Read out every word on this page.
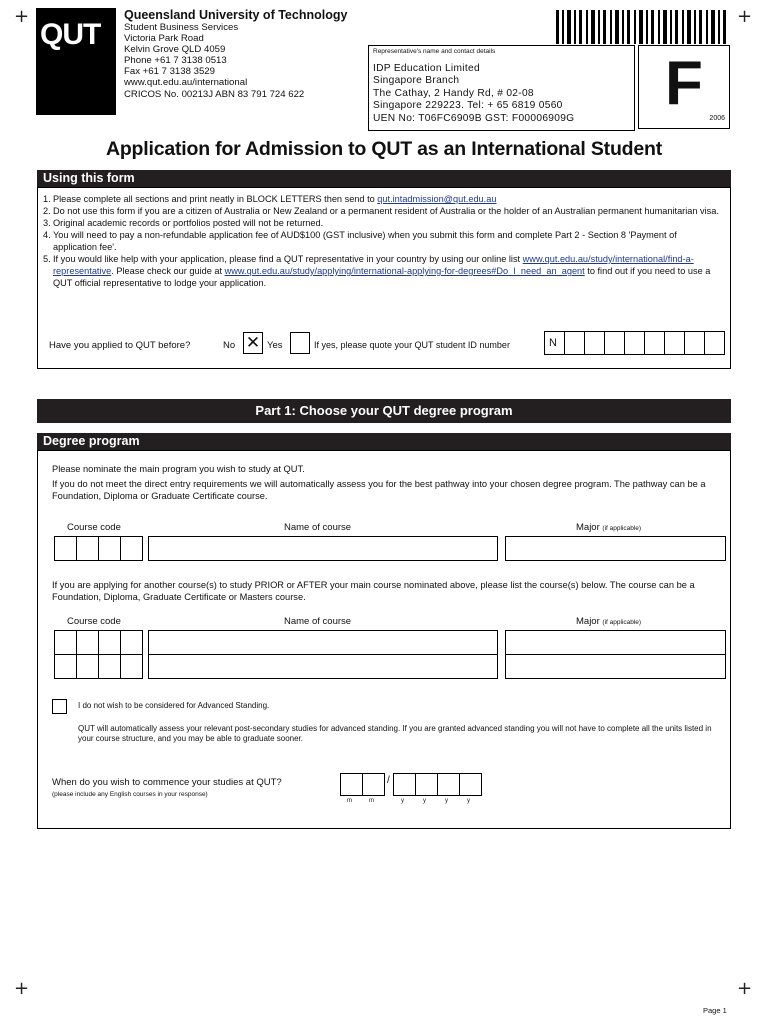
+	+
+	+
QUT
Queensland University of Technology
Student Business Services
Victoria Park Road
Kelvin Grove QLD 4059
Phone +61 7 3138 0513
Fax +61 7 3138 3529
www.qut.edu.au/international
CRICOS No. 00213J ABN 83 791 724 622
Representative's name and contact details
IDP Education Limited
Singapore Branch
The Cathay, 2 Handy Rd, # 02-08
Singapore 229223. Tel: + 65 6819 0560
UEN No: T06FC6909B GST: F00006909G
F
2006
Application for Admission to QUT as an International Student
Using this form
1. Please complete all sections and print neatly in BLOCK LETTERS then send to qut.intadmission@qut.edu.au
2. Do not use this form if you are a citizen of Australia or New Zealand or a permanent resident of Australia or the holder of an Australian permanent humanitarian visa.
3. Original academic records or portfolios posted will not be returned.
4. You will need to pay a non-refundable application fee of AUD$100 (GST inclusive) when you submit this form and complete Part 2 - Section 8 'Payment of application fee'.
5. If you would like help with your application, please find a QUT representative in your country by using our online list www.qut.edu.au/study/international/find-a-representative. Please check our guide at www.qut.edu.au/study/applying/international-applying-for-degrees#Do_I_need_an_agent to find out if you need to use a QUT official representative to lodge your application.
Have you applied to QUT before?	No ✕ Yes	If yes, please quote your QUT student ID number	N
Part 1: Choose your QUT degree program
Degree program
Please nominate the main program you wish to study at QUT.
If you do not meet the direct entry requirements we will automatically assess you for the best pathway into your chosen degree program. The pathway can be a Foundation, Diploma or Graduate Certificate course.
Course code	Name of course	Major (if applicable)
If you are applying for another course(s) to study PRIOR or AFTER your main course nominated above, please list the course(s) below. The course can be a Foundation, Diploma, Graduate Certificate or Masters course.
Course code	Name of course	Major (if applicable)
I do not wish to be considered for Advanced Standing.
QUT will automatically assess your relevant post-secondary studies for advanced standing. If you are granted advanced standing you will not have to complete all the units listed in your course structure, and you may be able to graduate sooner.
When do you wish to commence your studies at QUT?
(please include any English courses in your response)
/
m	m	y	y	y	y
Page 1
